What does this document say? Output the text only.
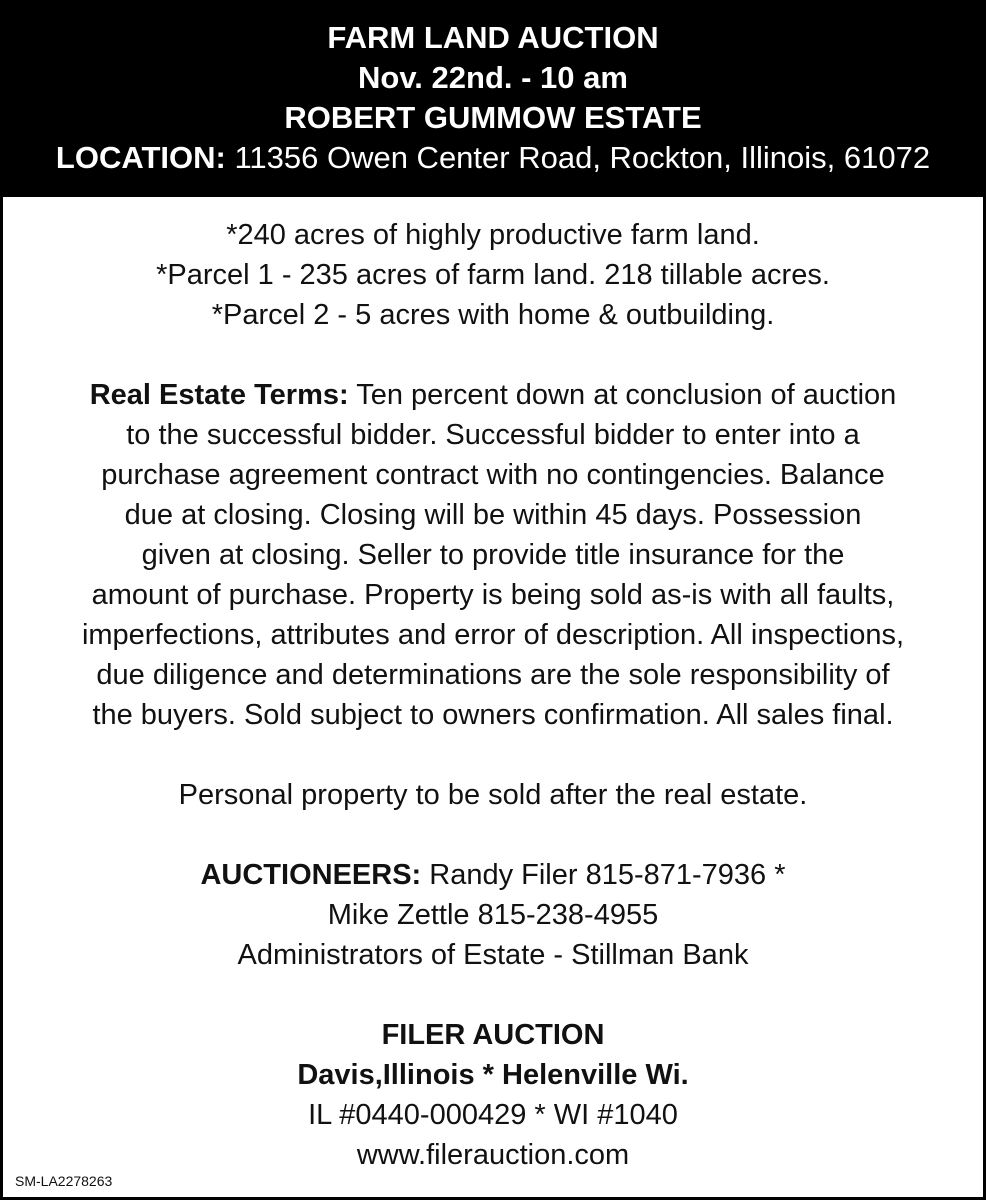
FARM LAND AUCTION
Nov. 22nd. - 10 am
ROBERT GUMMOW ESTATE
LOCATION: 11356 Owen Center Road, Rockton, Illinois, 61072

*240 acres of highly productive farm land.

*Parcel 1 - 235 acres of farm land. 218 tillable acres.

*Parcel 2 - 5 acres with home & outbuilding.

Real Estate Terms: Ten percent down at conclusion of auction

to the successful bidder. Successful bidder to enter into a

purchase agreement contract with no contingencies. Balance

due at closing. Closing will be within 45 days. Possession

given at closing. Seller to provide title insurance for the

amount of purchase. Property is being sold as-is with all faults,

imperfections, attributes and error of description. All inspections,

due diligence and determinations are the sole responsibility of

the buyers. Sold subject to owners confirmation. All sales final.

Personal property to be sold after the real estate.

AUCTIONEERS: Randy Filer 815-871-7936 *

Mike Zettle 815-238-4955

Administrators of Estate - Stillman Bank

FILER AUCTION

Davis,Illinois * Helenville Wi.

IL #0440-000429 * WI #1040

www.filerauction.com

SM-LA2278263
